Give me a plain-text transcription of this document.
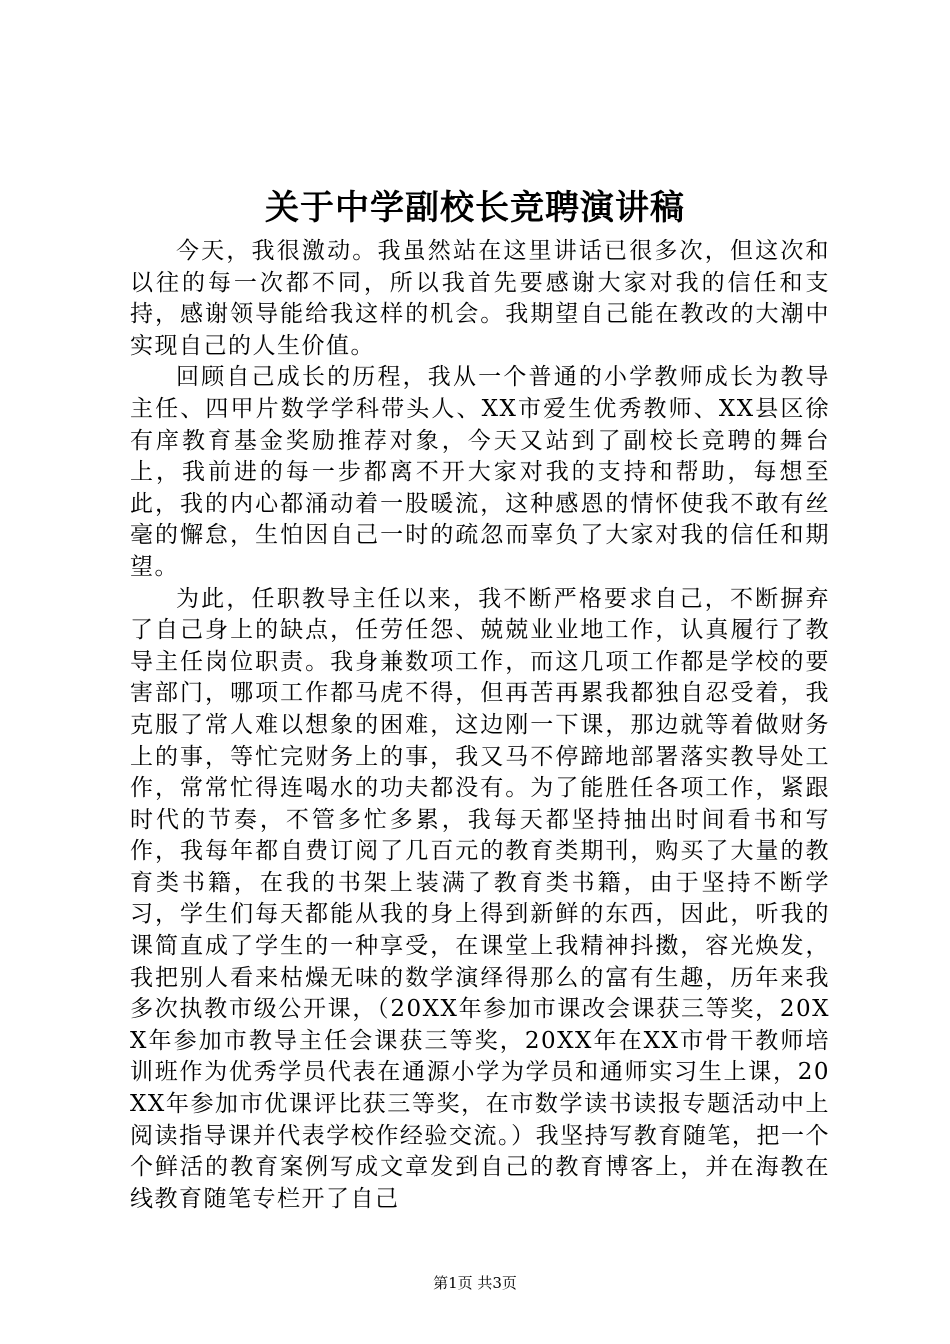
关于中学副校长竞聘演讲稿

今天，我很激动。我虽然站在这里讲话已很多次，但这次和以往的每一次都不同，所以我首先要感谢大家对我的信任和支持，感谢领导能给我这样的机会。我期望自己能在教改的大潮中实现自己的人生价值。

回顾自己成长的历程，我从一个普通的小学教师成长为教导主任、四甲片数学学科带头人、XX市爱生优秀教师、XX县区徐有庠教育基金奖励推荐对象，今天又站到了副校长竞聘的舞台上，我前进的每一步都离不开大家对我的支持和帮助，每想至此，我的内心都涌动着一股暖流，这种感恩的情怀使我不敢有丝毫的懈怠，生怕因自己一时的疏忽而辜负了大家对我的信任和期望。

为此，任职教导主任以来，我不断严格要求自己，不断摒弃了自己身上的缺点，任劳任怨、兢兢业业地工作，认真履行了教导主任岗位职责。我身兼数项工作，而这几项工作都是学校的要害部门，哪项工作都马虎不得，但再苦再累我都独自忍受着，我克服了常人难以想象的困难，这边刚一下课，那边就等着做财务上的事，等忙完财务上的事，我又马不停蹄地部署落实教导处工作，常常忙得连喝水的功夫都没有。为了能胜任各项工作，紧跟时代的节奏，不管多忙多累，我每天都坚持抽出时间看书和写作，我每年都自费订阅了几百元的教育类期刊，购买了大量的教育类书籍，在我的书架上装满了教育类书籍，由于坚持不断学习，学生们每天都能从我的身上得到新鲜的东西，因此，听我的课简直成了学生的一种享受，在课堂上我精神抖擞，容光焕发，我把别人看来枯燥无味的数学演绎得那么的富有生趣，历年来我多次执教市级公开课，（20XX年参加市课改会课获三等奖，20XX年参加市教导主任会课获三等奖，20XX年在XX市骨干教师培训班作为优秀学员代表在通源小学为学员和通师实习生上课，20XX年参加市优课评比获三等奖，在市数学读书读报专题活动中上阅读指导课并代表学校作经验交流。）我坚持写教育随笔，把一个个鲜活的教育案例写成文章发到自己的教育博客上，并在海教在线教育随笔专栏开了自己

第1页 共3页
